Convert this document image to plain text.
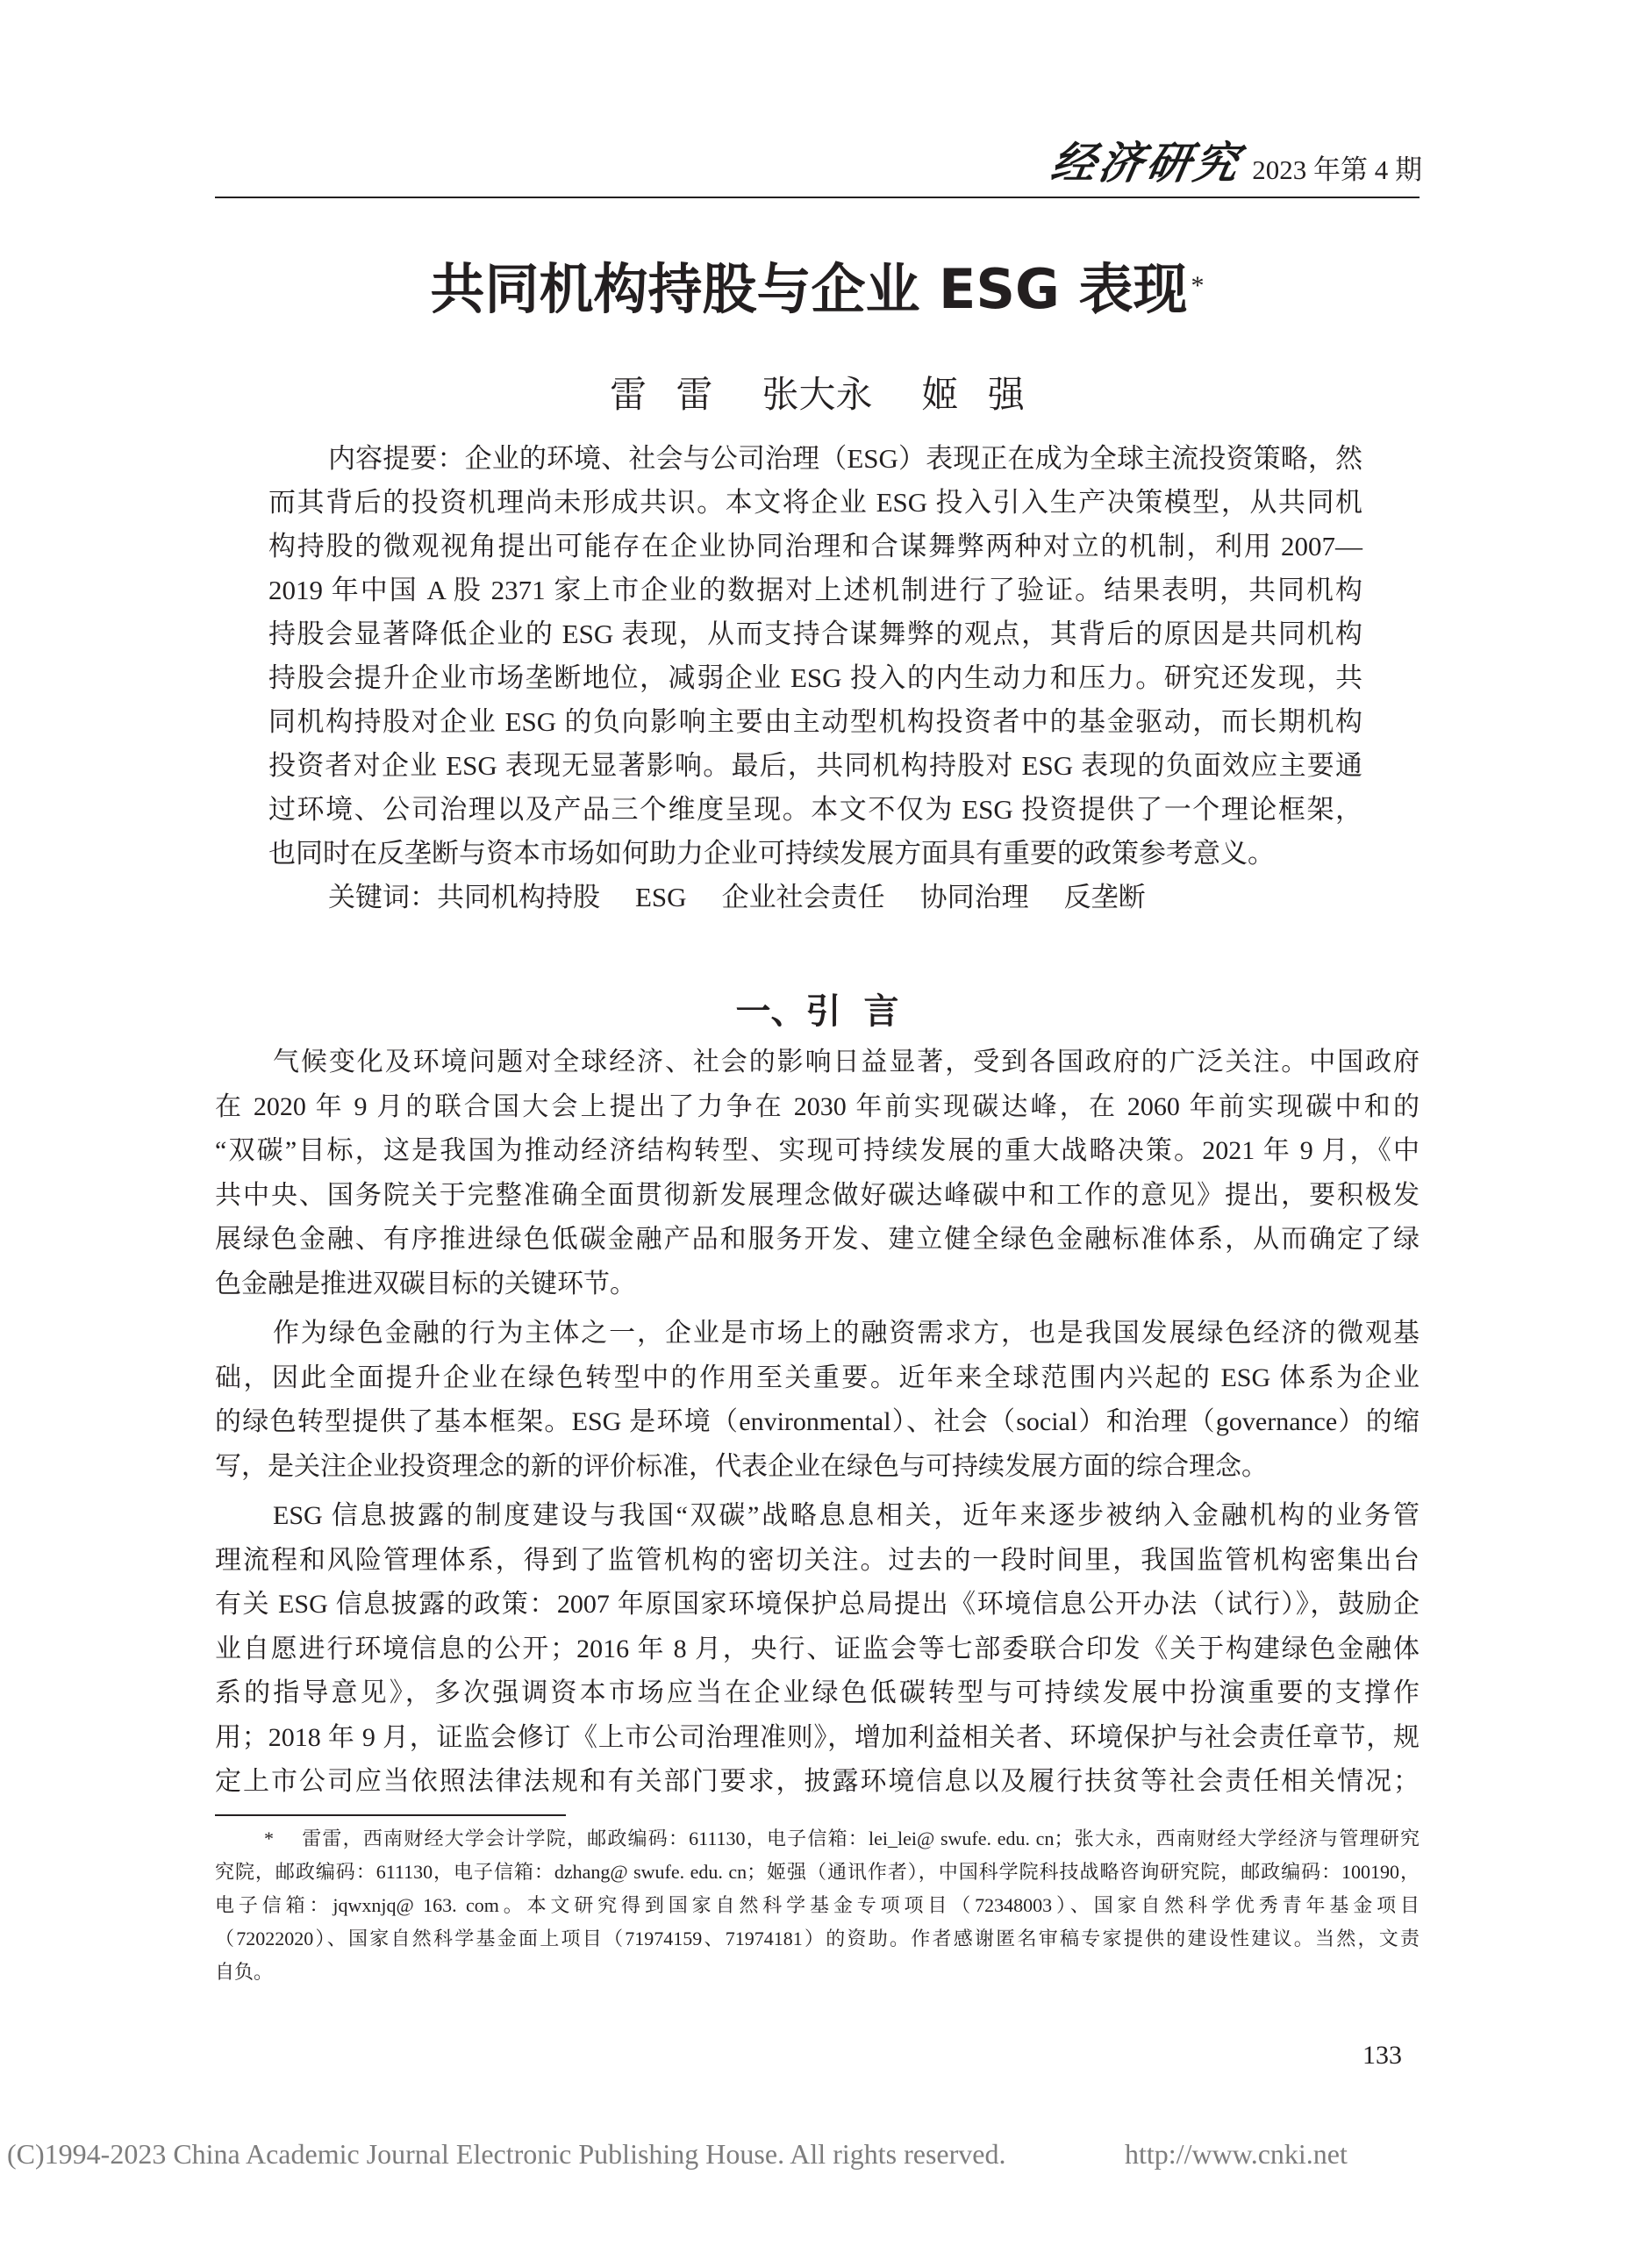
经济研究 2023 年第 4 期
共同机构持股与企业 ESG 表现 *
雷 雷 张大永 姬 强
内容提要：企业的环境、社会与公司治理（ESG）表现正在成为全球主流投资策略，然
而其背后的投资机理尚未形成共识。本文将企业 ESG 投入引入生产决策模型，从共同机
构持股的微观视角提出可能存在企业协同治理和合谋舞弊两种对立的机制，利用 2007—
2019 年中国 A 股 2371 家上市企业的数据对上述机制进行了验证。结果表明，共同机构
持股会显著降低企业的 ESG 表现，从而支持合谋舞弊的观点，其背后的原因是共同机构
持股会提升企业市场垄断地位，减弱企业 ESG 投入的内生动力和压力。研究还发现，共
同机构持股对企业 ESG 的负向影响主要由主动型机构投资者中的基金驱动，而长期机构
投资者对企业 ESG 表现无显著影响。最后，共同机构持股对 ESG 表现的负面效应主要通
过环境、公司治理以及产品三个维度呈现。本文不仅为 ESG 投资提供了一个理论框架，
也同时在反垄断与资本市场如何助力企业可持续发展方面具有重要的政策参考意义。
关键词：共同机构持股 ESG 企业社会责任 协同治理 反垄断
一、引 言
气候变化及环境问题对全球经济、社会的影响日益显著，受到各国政府的广泛关注。中国政府
在 2020 年 9 月的联合国大会上提出了力争在 2030 年前实现碳达峰，在 2060 年前实现碳中和的
“双碳”目标，这是我国为推动经济结构转型、实现可持续发展的重大战略决策。2021 年 9 月，《中
共中央、国务院关于完整准确全面贯彻新发展理念做好碳达峰碳中和工作的意见》提出，要积极发
展绿色金融、有序推进绿色低碳金融产品和服务开发、建立健全绿色金融标准体系，从而确定了绿
色金融是推进双碳目标的关键环节。
作为绿色金融的行为主体之一，企业是市场上的融资需求方，也是我国发展绿色经济的微观基
础，因此全面提升企业在绿色转型中的作用至关重要。近年来全球范围内兴起的 ESG 体系为企业
的绿色转型提供了基本框架。ESG 是环境（environmental）、社会（social）和治理（governance）的缩
写，是关注企业投资理念的新的评价标准，代表企业在绿色与可持续发展方面的综合理念。
ESG 信息披露的制度建设与我国“双碳”战略息息相关，近年来逐步被纳入金融机构的业务管
理流程和风险管理体系，得到了监管机构的密切关注。过去的一段时间里，我国监管机构密集出台
有关 ESG 信息披露的政策：2007 年原国家环境保护总局提出《环境信息公开办法（试行）》，鼓励企
业自愿进行环境信息的公开；2016 年 8 月，央行、证监会等七部委联合印发《关于构建绿色金融体
系的指导意见》，多次强调资本市场应当在企业绿色低碳转型与可持续发展中扮演重要的支撑作
用；2018 年 9 月，证监会修订《上市公司治理准则》，增加利益相关者、环境保护与社会责任章节，规
定上市公司应当依照法律法规和有关部门要求，披露环境信息以及履行扶贫等社会责任相关情况；
* 雷雷，西南财经大学会计学院，邮政编码：611130，电子信箱：lei_lei@ swufe. edu. cn；张大永，西南财经大学经济与管理研究
究院，邮政编码：611130，电子信箱：dzhang@ swufe. edu. cn；姬强（通讯作者），中国科学院科技战略咨询研究院，邮政编码：100190，
电子信箱：jqwxnjq@ 163. com。本文研究得到国家自然科学基金专项项目（72348003）、国家自然科学优秀青年基金项目
（72022020）、国家自然科学基金面上项目（71974159、71974181）的资助。作者感谢匿名审稿专家提供的建设性建议。当然，文责
自负。
133
(C)1994-2023 China Academic Journal Electronic Publishing House. All rights reserved.	http://www.cnki.net
